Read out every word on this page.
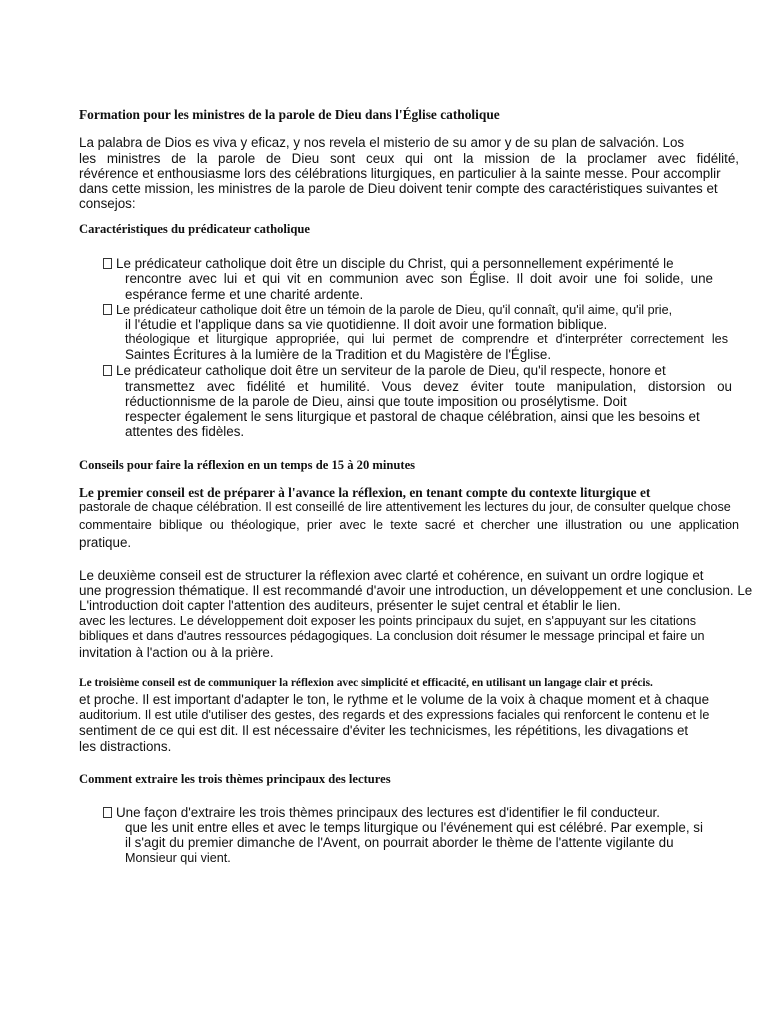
Formation pour les ministres de la parole de Dieu dans l'Église catholique
La palabra de Dios es viva y eficaz, y nos revela el misterio de su amor y de su plan de salvación. Los
les ministres de la parole de Dieu sont ceux qui ont la mission de la proclamer avec fidélité,
révérence et enthousiasme lors des célébrations liturgiques, en particulier à la sainte messe. Pour accomplir
dans cette mission, les ministres de la parole de Dieu doivent tenir compte des caractéristiques suivantes et
consejos:
Caractéristiques du prédicateur catholique
Le prédicateur catholique doit être un disciple du Christ, qui a personnellement expérimenté le
rencontre avec lui et qui vit en communion avec son Église. Il doit avoir une foi solide, une
espérance ferme et une charité ardente.
Le prédicateur catholique doit être un témoin de la parole de Dieu, qu'il connaît, qu'il aime, qu'il prie,
il l'étudie et l'applique dans sa vie quotidienne. Il doit avoir une formation biblique.
théologique et liturgique appropriée, qui lui permet de comprendre et d'interpréter correctement les
Saintes Écritures à la lumière de la Tradition et du Magistère de l'Église.
Le prédicateur catholique doit être un serviteur de la parole de Dieu, qu'il respecte, honore et
transmettez avec fidélité et humilité. Vous devez éviter toute manipulation, distorsion ou
réductionnisme de la parole de Dieu, ainsi que toute imposition ou prosélytisme. Doit
respecter également le sens liturgique et pastoral de chaque célébration, ainsi que les besoins et
attentes des fidèles.
Conseils pour faire la réflexion en un temps de 15 à 20 minutes
Le premier conseil est de préparer à l'avance la réflexion, en tenant compte du contexte liturgique et
pastorale de chaque célébration. Il est conseillé de lire attentivement les lectures du jour, de consulter quelque chose
commentaire biblique ou théologique, prier avec le texte sacré et chercher une illustration ou une application
pratique.
Le deuxième conseil est de structurer la réflexion avec clarté et cohérence, en suivant un ordre logique et
une progression thématique. Il est recommandé d'avoir une introduction, un développement et une conclusion. Le
L'introduction doit capter l'attention des auditeurs, présenter le sujet central et établir le lien.
avec les lectures. Le développement doit exposer les points principaux du sujet, en s'appuyant sur les citations
bibliques et dans d'autres ressources pédagogiques. La conclusion doit résumer le message principal et faire un
invitation à l'action ou à la prière.
Le troisième conseil est de communiquer la réflexion avec simplicité et efficacité, en utilisant un langage clair et précis.
et proche. Il est important d'adapter le ton, le rythme et le volume de la voix à chaque moment et à chaque
auditorium. Il est utile d'utiliser des gestes, des regards et des expressions faciales qui renforcent le contenu et le
sentiment de ce qui est dit. Il est nécessaire d'éviter les technicismes, les répétitions, les divagations et
les distractions.
Comment extraire les trois thèmes principaux des lectures
Une façon d'extraire les trois thèmes principaux des lectures est d'identifier le fil conducteur.
que les unit entre elles et avec le temps liturgique ou l'événement qui est célébré. Par exemple, si
il s'agit du premier dimanche de l'Avent, on pourrait aborder le thème de l'attente vigilante du
Monsieur qui vient.
